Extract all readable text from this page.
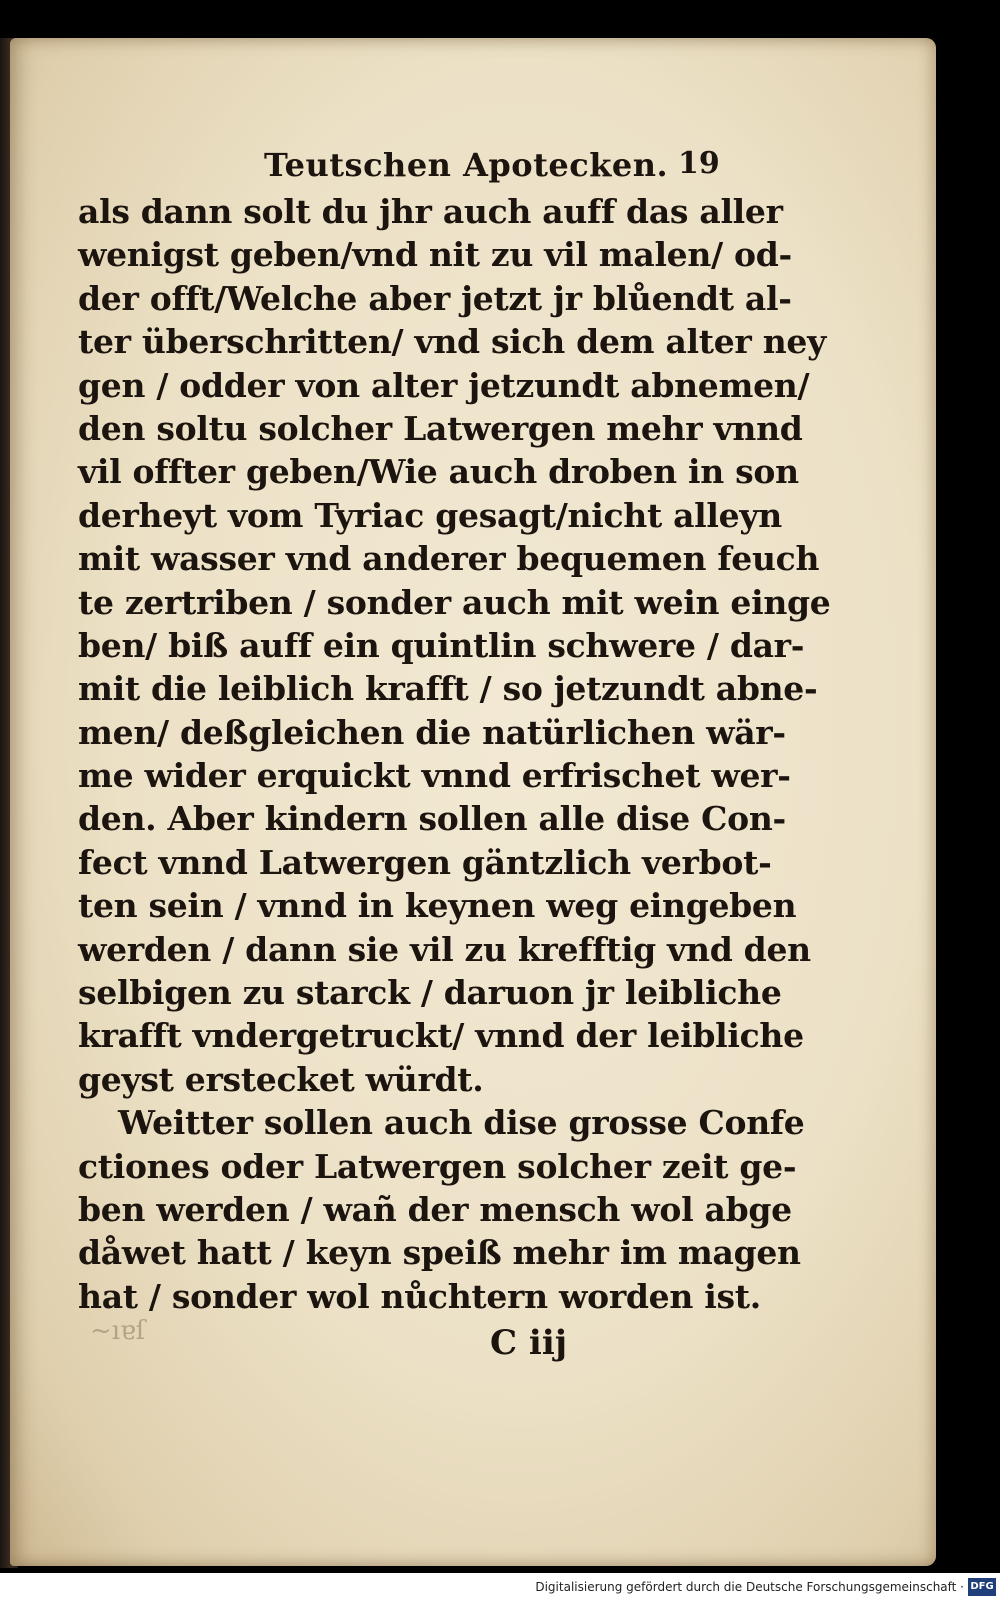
Teutschen Apotecken. 19
als dann solt du jhr auch auff das aller
wenigst geben/vnd nit zu vil malen/ od-
der offt/Welche aber jetzt jr blůendt al-
ter überschritten/ vnd sich dem alter ney
gen / odder von alter jetzundt abnemen/
den soltu solcher Latwergen mehr vnnd
vil offter geben/Wie auch droben in son
derheyt vom Tyriac gesagt/nicht alleyn
mit wasser vnd anderer bequemen feuch
te zertriben / sonder auch mit wein einge
ben/ biß auff ein quintlin schwere / dar-
mit die leiblich krafft / so jetzundt abne-
men/ deßgleichen die natürlichen wär-
me wider erquickt vnnd erfrischet wer-
den. Aber kindern sollen alle dise Con-
fect vnnd Latwergen gäntzlich verbot-
ten sein / vnnd in keynen weg eingeben
werden / dann sie vil zu krefftig vnd den
selbigen zu starck / daruon jr leibliche
krafft vndergetruckt/ vnnd der leibliche
geyst erstecket würdt.
Weitter sollen auch dise grosse Confe
ctiones oder Latwergen solcher zeit ge-
ben werden / wañ der mensch wol abge
dåwet hatt / keyn speiß mehr im magen
hat / sonder wol nůchtern worden ist.
~ıɐſ	C iij
Digitalisierung gefördert durch die Deutsche Forschungsgemeinschaft · DFG
